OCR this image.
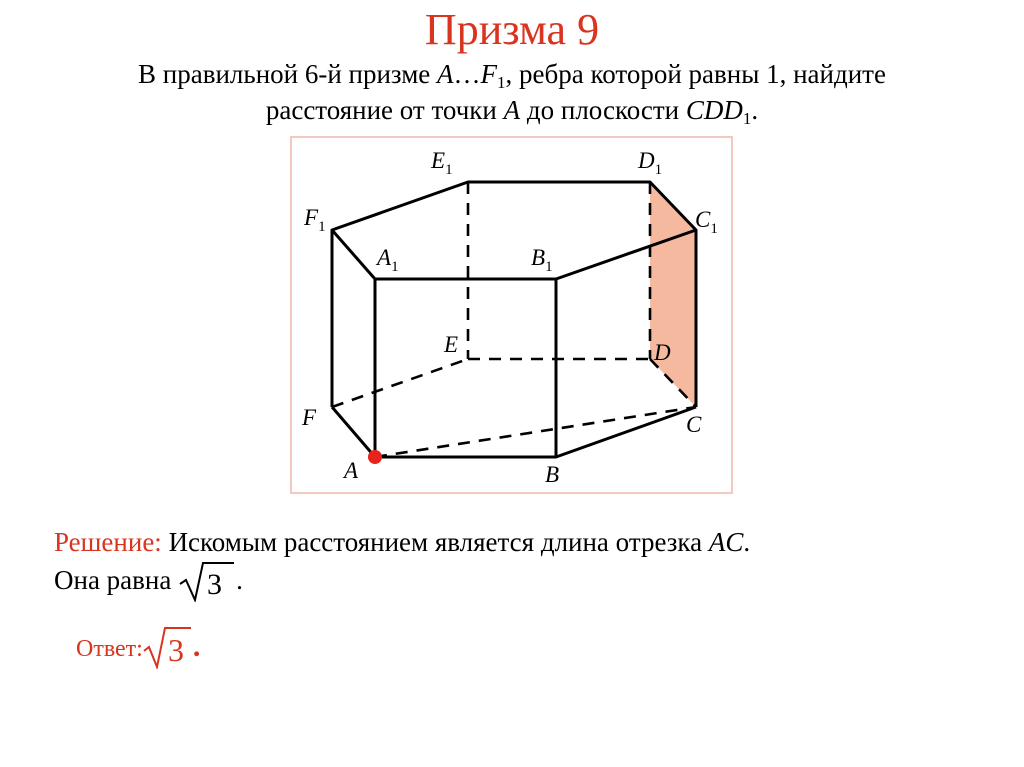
Призма 9
В правильной 6-й призме $A\dots F_1$, ребра которой равны 1, найдите
расстояние от точки A до плоскости $CDD_1$.
$E_1$	$D_1$
$F_1$	$C_1$
$A_1$	$B_1$
E	D
F	C
A	B
Решение: Искомым расстоянием является длина отрезка AC.
Она равна 3 .
Ответ: 3 .
